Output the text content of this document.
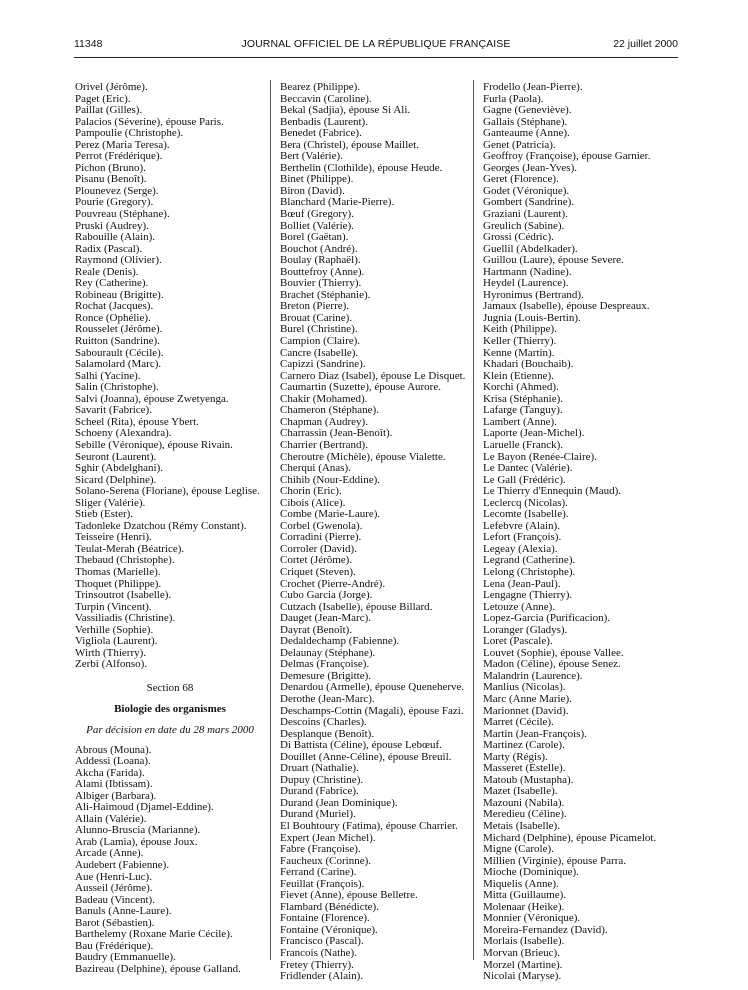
11348	JOURNAL OFFICIEL DE LA RÉPUBLIQUE FRANÇAISE	22 juillet 2000
Orivel (Jérôme).
Paget (Eric).
Paillat (Gilles).
Palacios (Séverine), épouse Paris.
Pampoulie (Christophe).
Perez (Maria Teresa).
Perrot (Frédérique).
Pichon (Bruno).
Pisanu (Benoît).
Plounevez (Serge).
Pourie (Gregory).
Pouvreau (Stéphane).
Pruski (Audrey).
Rabouille (Alain).
Radix (Pascal).
Raymond (Olivier).
Reale (Denis).
Rey (Catherine).
Robineau (Brigitte).
Rochat (Jacques).
Ronce (Ophélie).
Rousselet (Jérôme).
Ruitton (Sandrine).
Sabourault (Cécile).
Salamolard (Marc).
Salhi (Yacine).
Salin (Christophe).
Salvi (Joanna), épouse Zwetyenga.
Savarit (Fabrice).
Scheel (Rita), épouse Ybert.
Schoeny (Alexandra).
Sebille (Véronique), épouse Rivain.
Seuront (Laurent).
Sghir (Abdelghani).
Sicard (Delphine).
Solano-Serena (Floriane), épouse Leglise.
Sliger (Valérie).
Stieb (Ester).
Tadonleke Dzatchou (Rémy Constant).
Teisseire (Henri).
Teulat-Merah (Béatrice).
Thebaud (Christophe).
Thomas (Marielle).
Thoquet (Philippe).
Trinsoutrot (Isabelle).
Turpin (Vincent).
Vassiliadis (Christine).
Verhille (Sophie).
Vigliola (Laurent).
Wirth (Thierry).
Zerbi (Alfonso).
Section 68
Biologie des organismes
Par décision en date du 28 mars 2000
Abrous (Mouna).
Addessi (Loana).
Akcha (Farida).
Alami (Ibtissam).
Albiger (Barbara).
Ali-Haimoud (Djamel-Eddine).
Allain (Valérie).
Alunno-Bruscia (Marianne).
Arab (Lamia), épouse Joux.
Arcade (Anne).
Audebert (Fabienne).
Aue (Henri-Luc).
Ausseil (Jérôme).
Badeau (Vincent).
Banuls (Anne-Laure).
Barot (Sébastien).
Barthelemy (Roxane Marie Cécile).
Bau (Frédérique).
Baudry (Emmanuelle).
Bazireau (Delphine), épouse Galland.
Bearez (Philippe).
Beccavin (Caroline).
Bekal (Sadjia), épouse Si Ali.
Benbadis (Laurent).
Benedet (Fabrice).
Bera (Christel), épouse Maillet.
Bert (Valérie).
Berthelin (Clothilde), épouse Heude.
Binet (Philippe).
Biron (David).
Blanchard (Marie-Pierre).
Bœuf (Gregory).
Bolliet (Valérie).
Borel (Gaëtan).
Bouchot (André).
Boulay (Raphaël).
Bouttefroy (Anne).
Bouvier (Thierry).
Brachet (Stéphanie).
Breton (Pierre).
Brouat (Carine).
Burel (Christine).
Campion (Claire).
Cancre (Isabelle).
Capizzi (Sandrine).
Carnero Diaz (Isabel), épouse Le Disquet.
Caumartin (Suzette), épouse Aurore.
Chakir (Mohamed).
Chameron (Stéphane).
Chapman (Audrey).
Charrassin (Jean-Benoît).
Charrier (Bertrand).
Cheroutre (Michèle), épouse Vialette.
Cherqui (Anas).
Chihib (Nour-Eddine).
Chorin (Eric).
Cibois (Alice).
Combe (Marie-Laure).
Corbel (Gwenola).
Corradini (Pierre).
Corroler (David).
Cortet (Jérôme).
Criquet (Steven).
Crochet (Pierre-André).
Cubo Garcia (Jorge).
Cutzach (Isabelle), épouse Billard.
Dauget (Jean-Marc).
Dayrat (Benoît).
Dedaldechamp (Fabienne).
Delaunay (Stéphane).
Delmas (Françoise).
Demesure (Brigitte).
Denardou (Armelle), épouse Queneherve.
Derothe (Jean-Marc).
Deschamps-Cottin (Magali), épouse Fazi.
Descoins (Charles).
Desplanque (Benoît).
Di Battista (Céline), épouse Lebœuf.
Douillet (Anne-Céline), épouse Breuil.
Druart (Nathalie).
Dupuy (Christine).
Durand (Fabrice).
Durand (Jean Dominique).
Durand (Muriel).
El Bouhtoury (Fatima), épouse Charrier.
Expert (Jean Michel).
Fabre (Françoise).
Faucheux (Corinne).
Ferrand (Carine).
Feuillat (François).
Fievet (Anne), épouse Belletre.
Flambard (Bénédicte).
Fontaine (Florence).
Fontaine (Véronique).
Francisco (Pascal).
Francois (Nathe).
Fretey (Thierry).
Fridlender (Alain).
Frodello (Jean-Pierre).
Furla (Paola).
Gagne (Geneviève).
Gallais (Stéphane).
Ganteaume (Anne).
Genet (Patricia).
Geoffroy (Françoise), épouse Garnier.
Georges (Jean-Yves).
Geret (Florence).
Godet (Véronique).
Gombert (Sandrine).
Graziani (Laurent).
Greulich (Sabine).
Grossi (Cédric).
Guellil (Abdelkader).
Guillou (Laure), épouse Severe.
Hartmann (Nadine).
Heydel (Laurence).
Hyronimus (Bertrand).
Jamaux (Isabelle), épouse Despreaux.
Jugnia (Louis-Bertin).
Keith (Philippe).
Keller (Thierry).
Kenne (Martin).
Khadari (Bouchaib).
Klein (Etienne).
Korchi (Ahmed).
Krisa (Stéphanie).
Lafarge (Tanguy).
Lambert (Anne).
Laporte (Jean-Michel).
Laruelle (Franck).
Le Bayon (Renée-Claire).
Le Dantec (Valérie).
Le Gall (Frédéric).
Le Thierry d'Ennequin (Maud).
Leclercq (Nicolas).
Lecomte (Isabelle).
Lefebvre (Alain).
Lefort (François).
Legeay (Alexia).
Legrand (Catherine).
Lelong (Christophe).
Lena (Jean-Paul).
Lengagne (Thierry).
Letouze (Anne).
Lopez-Garcia (Purificacion).
Loranger (Gladys).
Loret (Pascale).
Louvet (Sophie), épouse Vallee.
Madon (Céline), épouse Senez.
Malandrin (Laurence).
Manlius (Nicolas).
Marc (Anne Marie).
Marionnet (David).
Marret (Cécile).
Martin (Jean-François).
Martinez (Carole).
Marty (Régis).
Masseret (Estelle).
Matoub (Mustapha).
Mazet (Isabelle).
Mazouni (Nabila).
Meredieu (Céline).
Metais (Isabelle).
Michard (Delphine), épouse Picamelot.
Migne (Carole).
Millien (Virginie), épouse Parra.
Mioche (Dominique).
Miquelis (Anne).
Mitta (Guillaume).
Molenaar (Heike).
Monnier (Véronique).
Moreira-Fernandez (David).
Morlais (Isabelle).
Morvan (Brieuc).
Morzel (Martine).
Nicolai (Maryse).
